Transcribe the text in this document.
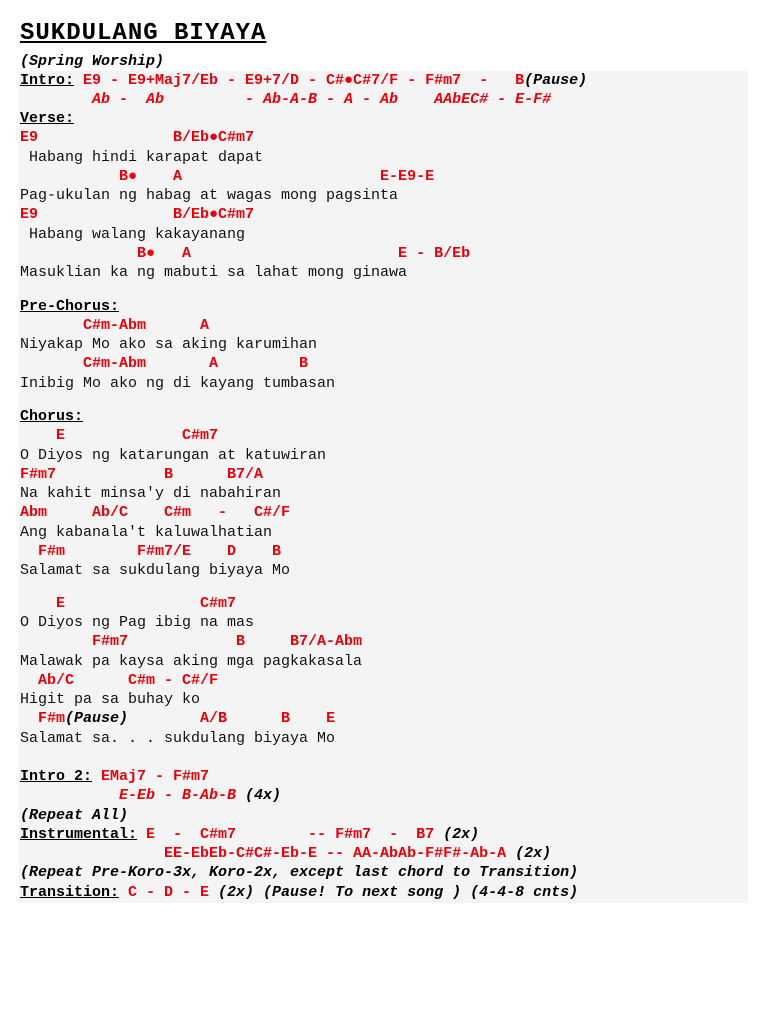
SUKDULANG BIYAYA
(Spring Worship)
Intro: E9 - E9+Maj7/Eb - E9+7/D - C#●C#7/F - F#m7  -   B(Pause)
Ab -  Ab         - Ab-A-B - A - Ab    AAbEC# - E-F#
Verse:
E9               B/Eb●C#m7
Habang hindi karapat dapat
B●    A                      E-E9-E
Pag-ukulan ng habag at wagas mong pagsinta
E9               B/Eb●C#m7
Habang walang kakayanang
B●   A                       E - B/Eb
Masuklian ka ng mabuti sa lahat mong ginawa
Pre-Chorus:
C#m-Abm      A
Niyakap Mo ako sa aking karumihan
C#m-Abm       A         B
Inibig Mo ako ng di kayang tumbasan
Chorus:
E             C#m7
O Diyos ng katarungan at katuwiran
F#m7            B      B7/A
Na kahit minsa'y di nabahiran
Abm     Ab/C    C#m   -   C#/F
Ang kabanala't kaluwalhatian
F#m        F#m7/E    D    B
Salamat sa sukdulang biyaya Mo
E               C#m7
O Diyos ng Pag ibig na mas
F#m7            B     B7/A-Abm
Malawak pa kaysa aking mga pagkakasala
Ab/C      C#m - C#/F
Higit pa sa buhay ko
F#m(Pause)        A/B      B    E
Salamat sa. . . sukdulang biyaya Mo
Intro 2: EMaj7 - F#m7
E-Eb - B-Ab-B (4x)
(Repeat All)
Instrumental: E  -  C#m7        -- F#m7  -  B7 (2x)
EE-EbEb-C#C#-Eb-E -- AA-AbAb-F#F#-Ab-A (2x)
(Repeat Pre-Koro-3x, Koro-2x, except last chord to Transition)
Transition: C - D - E (2x) (Pause! To next song ) (4-4-8 cnts)
